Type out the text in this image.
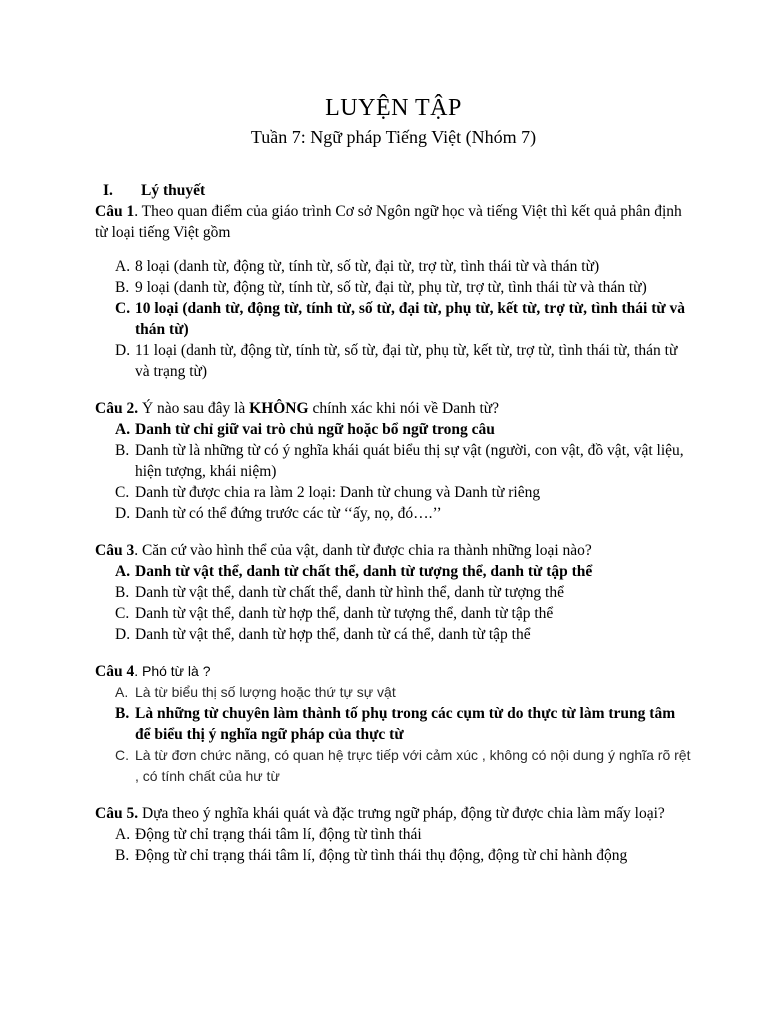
LUYỆN TẬP
Tuần 7: Ngữ pháp Tiếng Việt (Nhóm 7)
I.	Lý thuyết

Câu 1. Theo quan điểm của giáo trình Cơ sở Ngôn ngữ học và tiếng Việt thì kết quả phân định từ loại tiếng Việt gồm

A. 8 loại (danh từ, động từ, tính từ, số từ, đại từ, trợ từ, tình thái từ và thán từ)
B. 9 loại (danh từ, động từ, tính từ, số từ, đại từ, phụ từ, trợ từ, tình thái từ và thán từ)
C. 10 loại (danh từ, động từ, tính từ, số từ, đại từ, phụ từ, kết từ, trợ từ, tình thái từ và thán từ)
D. 11 loại (danh từ, động từ, tính từ, số từ, đại từ, phụ từ, kết từ, trợ từ, tình thái từ, thán từ và trạng từ)

Câu 2. Ý nào sau đây là KHÔNG chính xác khi nói về Danh từ?

A. Danh từ chỉ giữ vai trò chủ ngữ hoặc bổ ngữ trong câu
B. Danh từ là những từ có ý nghĩa khái quát biểu thị sự vật (người, con vật, đồ vật, vật liệu, hiện tượng, khái niệm)
C. Danh từ được chia ra làm 2 loại: Danh từ chung và Danh từ riêng
D. Danh từ có thể đứng trước các từ ‘‘ấy, nọ, đó….’’

Câu 3. Căn cứ vào hình thể của vật, danh từ được chia ra thành những loại nào?

A. Danh từ vật thể, danh từ chất thể, danh từ tượng thể, danh từ tập thể
B. Danh từ vật thể, danh từ chất thể, danh từ hình thể, danh từ tượng thể
C. Danh từ vật thể, danh từ hợp thể, danh từ tượng thể, danh từ tập thể
D. Danh từ vật thể, danh từ hợp thể, danh từ cá thể, danh từ tập thể

Câu 4. Phó từ là ?

A. Là từ biểu thị số lượng hoặc thứ tự sự vật
B. Là những từ chuyên làm thành tố phụ trong các cụm từ do thực từ làm trung tâm để biểu thị ý nghĩa ngữ pháp của thực từ
C. Là từ đơn chức năng, có quan hệ trực tiếp với cảm xúc , không có nội dung ý nghĩa rõ rệt , có tính chất của hư từ

Câu 5. Dựa theo ý nghĩa khái quát và đặc trưng ngữ pháp, động từ được chia làm mấy loại?

A. Động từ chỉ trạng thái tâm lí, động từ tình thái
B. Động từ chỉ trạng thái tâm lí, động từ tình thái thụ động, động từ chỉ hành động
